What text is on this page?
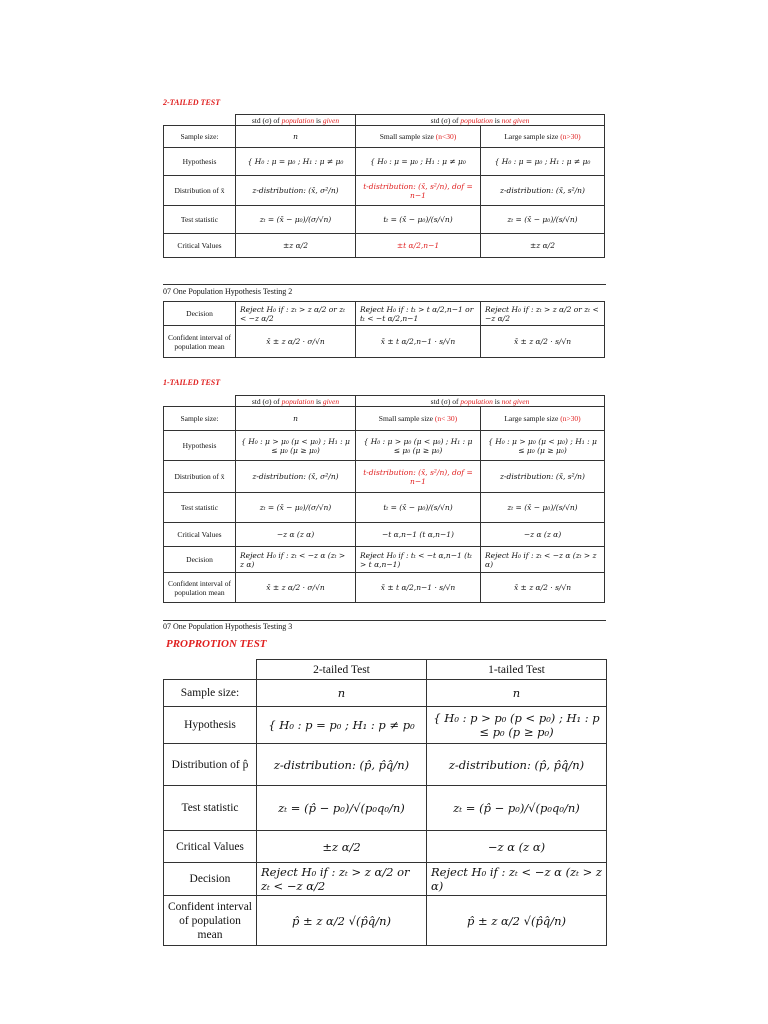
2-TAILED TEST
	std (σ) of population is given	std (σ) of population is not given	
Sample size:	n	Small sample size (n<30)	Large sample size (n>30)
Hypothesis	{ H₀ : μ = μ₀ ; H₁ : μ ≠ μ₀	{ H₀ : μ = μ₀ ; H₁ : μ ≠ μ₀	{ H₀ : μ = μ₀ ; H₁ : μ ≠ μ₀
Distribution of x̄	z-distribution: (x̄, σ²/n)	t-distribution: (x̄, s²/n), dof = n−1	z-distribution: (x̄, s²/n)
Test statistic	zₜ = (x̄ − μ₀)/(σ/√n)	tₜ = (x̄ − μ₀)/(s/√n)	zₜ = (x̄ − μ₀)/(s/√n)
Critical Values	±z α/2	±t α/2,n−1	±z α/2
07 One Population Hypothesis Testing 2
Decision	Reject H₀ if : zₜ > z α/2 or zₜ < −z α/2	Reject H₀ if : tₜ > t α/2,n−1 or tₜ < −t α/2,n−1	Reject H₀ if : zₜ > z α/2 or zₜ < −z α/2
Confident interval of population mean	x̄ ± z α/2 · σ/√n	x̄ ± t α/2,n−1 · s/√n	x̄ ± z α/2 · s/√n
1-TAILED TEST
	std (σ) of population is given	std (σ) of population is not given	
Sample size:	n	Small sample size (n< 30)	Large sample size (n>30)
Hypothesis	{ H₀ : μ > μ₀ (μ < μ₀) ; H₁ : μ ≤ μ₀ (μ ≥ μ₀)	{ H₀ : μ > μ₀ (μ < μ₀) ; H₁ : μ ≤ μ₀ (μ ≥ μ₀)	{ H₀ : μ > μ₀ (μ < μ₀) ; H₁ : μ ≤ μ₀ (μ ≥ μ₀)
Distribution of x̄	z-distribution: (x̄, σ²/n)	t-distribution: (x̄, s²/n), dof = n−1	z-distribution: (x̄, s²/n)
Test statistic	zₜ = (x̄ − μ₀)/(σ/√n)	tₜ = (x̄ − μ₀)/(s/√n)	zₜ = (x̄ − μ₀)/(s/√n)
Critical Values	−z α (z α)	−t α,n−1 (t α,n−1)	−z α (z α)
Decision	Reject H₀ if : zₜ < −z α (zₜ > z α)	Reject H₀ if : tₜ < −t α,n−1 (tₜ > t α,n−1)	Reject H₀ if : zₜ < −z α (zₜ > z α)
Confident interval of population mean	x̄ ± z α/2 · σ/√n	x̄ ± t α/2,n−1 · s/√n	x̄ ± z α/2 · s/√n
07 One Population Hypothesis Testing 3
PROPROTION TEST
	2-tailed Test	1-tailed Test
Sample size:	n	n
Hypothesis	{ H₀ : p = p₀ ; H₁ : p ≠ p₀	{ H₀ : p > p₀ (p < p₀) ; H₁ : p ≤ p₀ (p ≥ p₀)
Distribution of p̂	z-distribution: (p̂, p̂q̂/n)	z-distribution: (p̂, p̂q̂/n)
Test statistic	zₜ = (p̂ − p₀)/√(p₀q₀/n)	zₜ = (p̂ − p₀)/√(p₀q₀/n)
Critical Values	±z α/2	−z α (z α)
Decision	Reject H₀ if : zₜ > z α/2 or zₜ < −z α/2	Reject H₀ if : zₜ < −z α (zₜ > z α)
Confident interval of population mean	p̂ ± z α/2 √(p̂q̂/n)	p̂ ± z α/2 √(p̂q̂/n)
